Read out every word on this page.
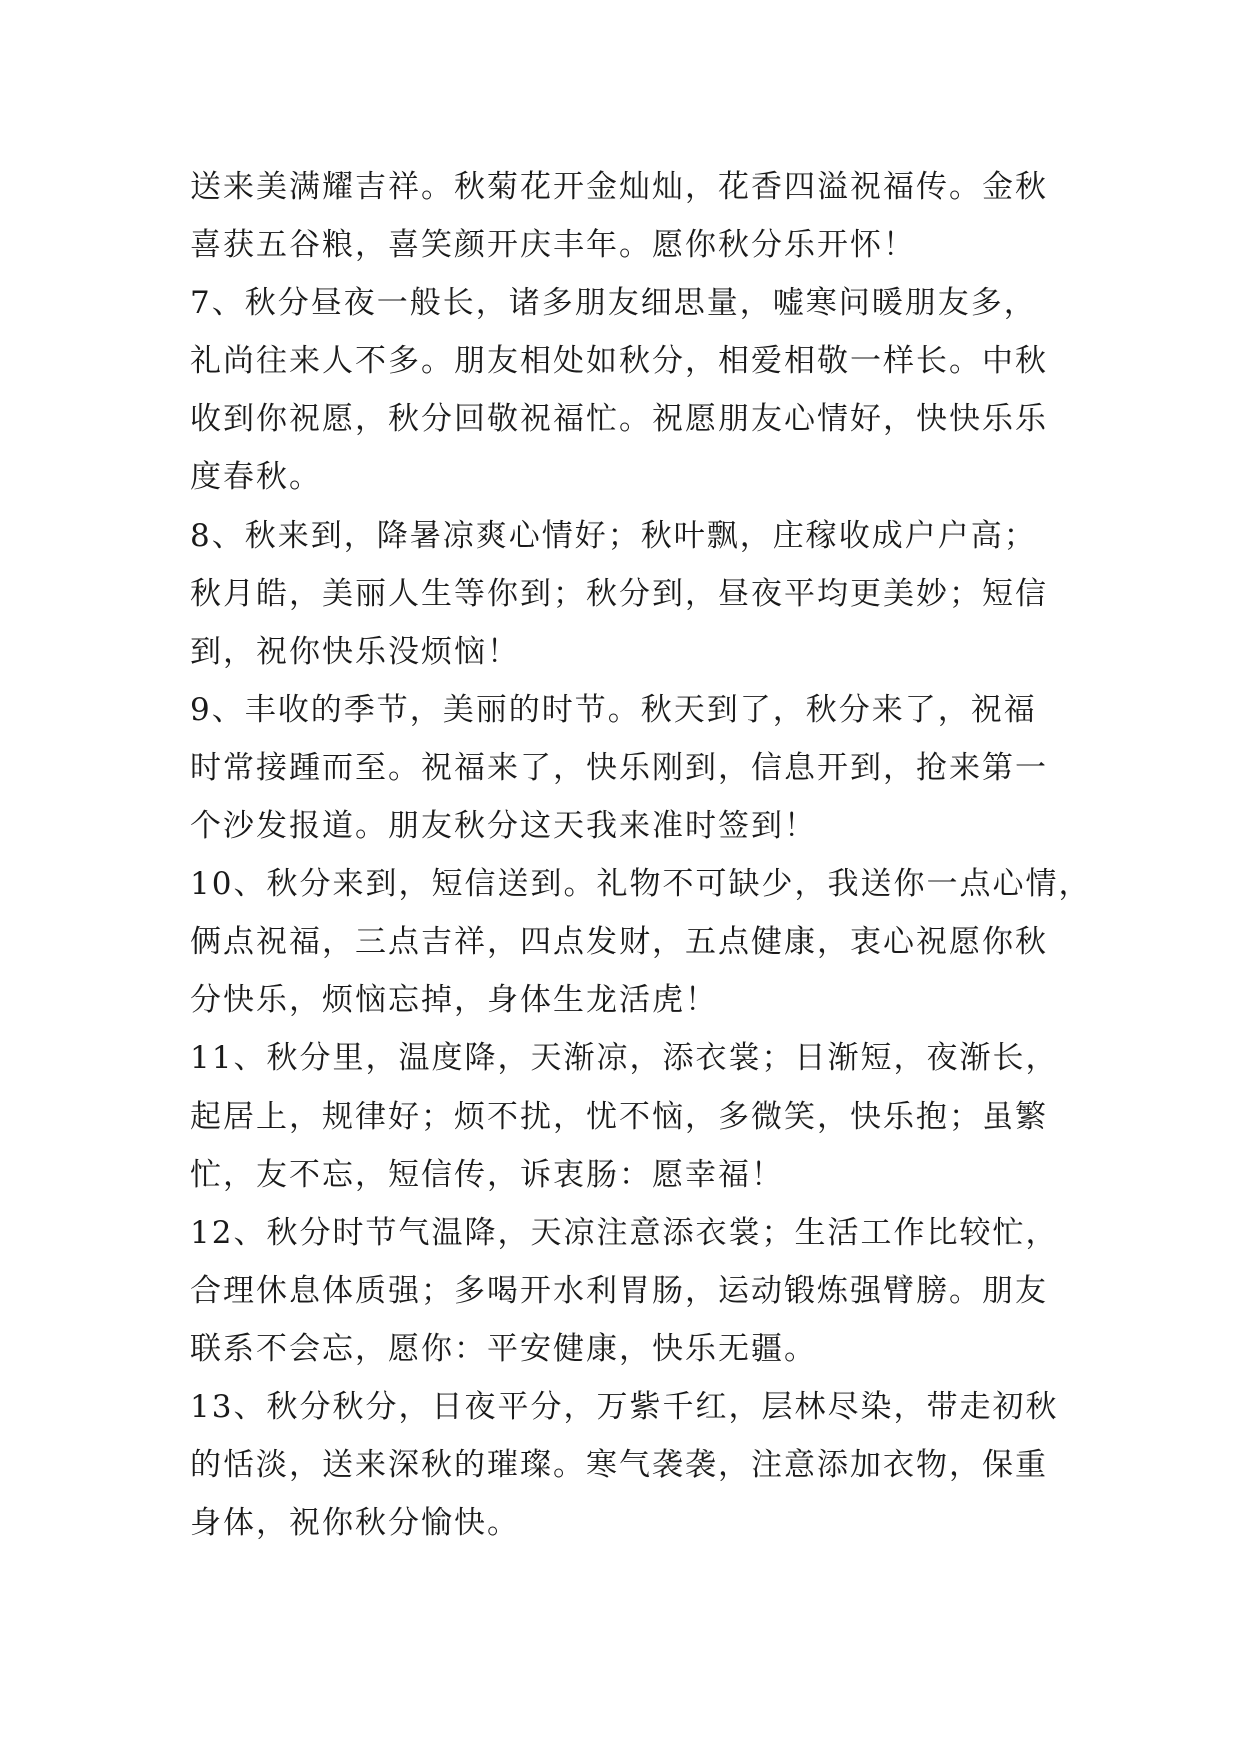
送来美满耀吉祥。秋菊花开金灿灿，花香四溢祝福传。金秋
喜获五谷粮，喜笑颜开庆丰年。愿你秋分乐开怀！
7、秋分昼夜一般长，诸多朋友细思量，嘘寒问暖朋友多，
礼尚往来人不多。朋友相处如秋分，相爱相敬一样长。中秋
收到你祝愿，秋分回敬祝福忙。祝愿朋友心情好，快快乐乐
度春秋。
8、秋来到，降暑凉爽心情好；秋叶飘，庄稼收成户户高；
秋月皓，美丽人生等你到；秋分到，昼夜平均更美妙；短信
到，祝你快乐没烦恼！
9、丰收的季节，美丽的时节。秋天到了，秋分来了，祝福
时常接踵而至。祝福来了，快乐刚到，信息开到，抢来第一
个沙发报道。朋友秋分这天我来准时签到！
10、秋分来到，短信送到。礼物不可缺少，我送你一点心情，
俩点祝福，三点吉祥，四点发财，五点健康，衷心祝愿你秋
分快乐，烦恼忘掉，身体生龙活虎！
11、秋分里，温度降，天渐凉，添衣裳；日渐短，夜渐长，
起居上，规律好；烦不扰，忧不恼，多微笑，快乐抱；虽繁
忙，友不忘，短信传，诉衷肠：愿幸福！
12、秋分时节气温降，天凉注意添衣裳；生活工作比较忙，
合理休息体质强；多喝开水利胃肠，运动锻炼强臂膀。朋友
联系不会忘，愿你：平安健康，快乐无疆。
13、秋分秋分，日夜平分，万紫千红，层林尽染，带走初秋
的恬淡，送来深秋的璀璨。寒气袭袭，注意添加衣物，保重
身体，祝你秋分愉快。
